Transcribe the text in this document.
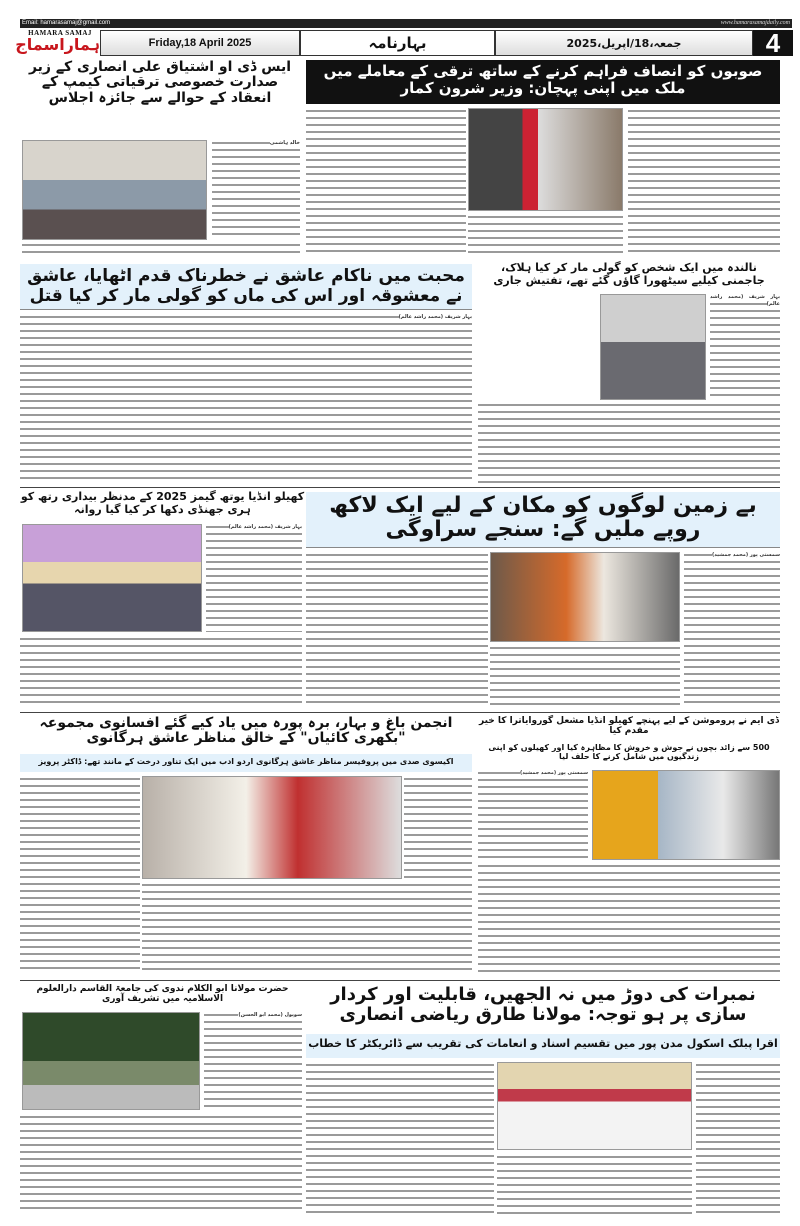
Email: hamarasamaj@gmail.com	www.hamarasamajdaily.com
HAMARA SAMAJ
ہماراسماج	Friday,18 April 2025	بہارنامہ	جمعہ،18/اپریل،2025	4
ایس ڈی او اشتیاق علی انصاری کے زیر صدارت خصوصی ترقیاتی کیمپ کے انعقاد کے حوالے سے جائزہ اجلاس
خالد ہاشمی
صوبوں کو انصاف فراہم کرنے کے ساتھ ترقی کے معاملے میں ملک میں اپنی پہچان: وزیر شرون کمار
محبت میں ناکام عاشق نے خطرناک قدم اٹھایا، عاشق نے معشوقہ اور اس کی ماں کو گولی مار کر کیا قتل
بہار شریف (محمد راشد عالم)
نالندہ میں ایک شخص کو گولی مار کر کیا ہلاک، جاجمنی کیلیے سیٹھورا گاؤں گئے تھے، تفتیش جاری
بہار شریف (محمد راشد عالم)
کھیلو انڈیا یوتھ گیمز 2025 کے مدنظر بیداری رتھ کو ہری جھنڈی دکھا کر کیا گیا روانہ
بہار شریف (محمد راشد عالم)
بے زمین لوگوں کو مکان کے لیے ایک لاکھ روپے ملیں گے: سنجے سراوگی
سمستی پور (محمد جمشید)
انجمن باغ و بہار، برہ پورہ میں یاد کیے گئے افسانوی مجموعہ "بکھری کائیاں" کے خالق مناظر عاشق ہرگانوی
اکیسوی صدی میں پروفیسر مناظر عاشق ہرگانوی اردو ادب میں ایک تناور درخت کے مانند تھے: ڈاکٹر پرویز
ڈی ایم نے پروموشن کے لیے پہنچے کھیلو انڈیا مشعل گوروایاترا کا خیر مقدم کیا
500 سے زائد بچوں نے جوش و خروش کا مظاہرہ کیا اور کھیلوں کو اپنی زندگیوں میں شامل کرنے کا حلف لیا
سمستی پور (محمد جمشید)
حضرت مولانا ابو الکلام ندوی کی جامعۃ القاسم دارالعلوم الاسلامیہ میں تشریف آوری
سوپول (محمد ابو الحسن)
نمبرات کی دوڑ میں نہ الجھیں، قابلیت اور کردار سازی پر ہو توجہ: مولانا طارق ریاضی انصاری
اقرا پبلک اسکول مدن پور میں تقسیم اسناد و انعامات کی تقریب سے ڈائریکٹر کا خطاب
